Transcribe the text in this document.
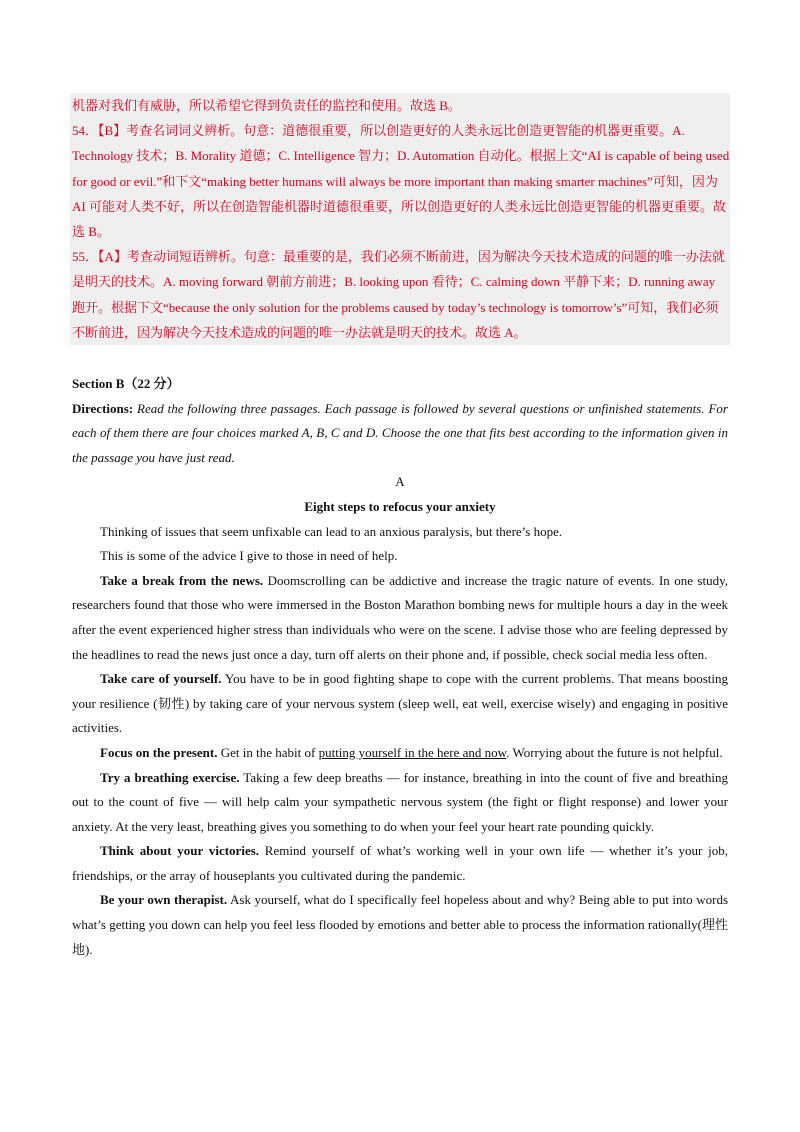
机器对我们有威胁，所以希望它得到负责任的监控和使用。故选 B。

54．【B】考查名词词义辨析。句意：道德很重要，所以创造更好的人类永远比创造更智能的机器更重要。A. Technology 技术；B. Morality 道德；C. Intelligence 智力；D. Automation 自动化。根据上文“AI is capable of being used for good or evil.”和下文“making better humans will always be more important than making smarter machines”可知，因为 AI 可能对人类不好，所以在创造智能机器时道德很重要，所以创造更好的人类永远比创造更智能的机器更重要。故选 B。

55．【A】考查动词短语辨析。句意：最重要的是，我们必须不断前进，因为解决今天技术造成的问题的唯一办法就是明天的技术。A. moving forward 朝前方前进；B. looking upon 看待；C. calming down 平静下来；D. running away 跑开。根据下文“because the only solution for the problems caused by today’s technology is tomorrow’s”可知，我们必须不断前进，因为解决今天技术造成的问题的唯一办法就是明天的技术。故选 A。

Section B（22 分）

Directions: Read the following three passages. Each passage is followed by several questions or unfinished statements. For each of them there are four choices marked A, B, C and D. Choose the one that fits best according to the information given in the passage you have just read.

A

Eight steps to refocus your anxiety

Thinking of issues that seem unfixable can lead to an anxious paralysis, but there’s hope.

This is some of the advice I give to those in need of help.

Take a break from the news. Doomscrolling can be addictive and increase the tragic nature of events. In one study, researchers found that those who were immersed in the Boston Marathon bombing news for multiple hours a day in the week after the event experienced higher stress than individuals who were on the scene. I advise those who are feeling depressed by the headlines to read the news just once a day, turn off alerts on their phone and, if possible, check social media less often.

Take care of yourself. You have to be in good fighting shape to cope with the current problems. That means boosting your resilience (韧性) by taking care of your nervous system (sleep well, eat well, exercise wisely) and engaging in positive activities.

Focus on the present. Get in the habit of putting yourself in the here and now. Worrying about the future is not helpful.

Try a breathing exercise. Taking a few deep breaths — for instance, breathing in into the count of five and breathing out to the count of five — will help calm your sympathetic nervous system (the fight or flight response) and lower your anxiety. At the very least, breathing gives you something to do when your feel your heart rate pounding quickly.

Think about your victories. Remind yourself of what’s working well in your own life — whether it’s your job, friendships, or the array of houseplants you cultivated during the pandemic.

Be your own therapist. Ask yourself, what do I specifically feel hopeless about and why? Being able to put into words what’s getting you down can help you feel less flooded by emotions and better able to process the information rationally(理性地).
